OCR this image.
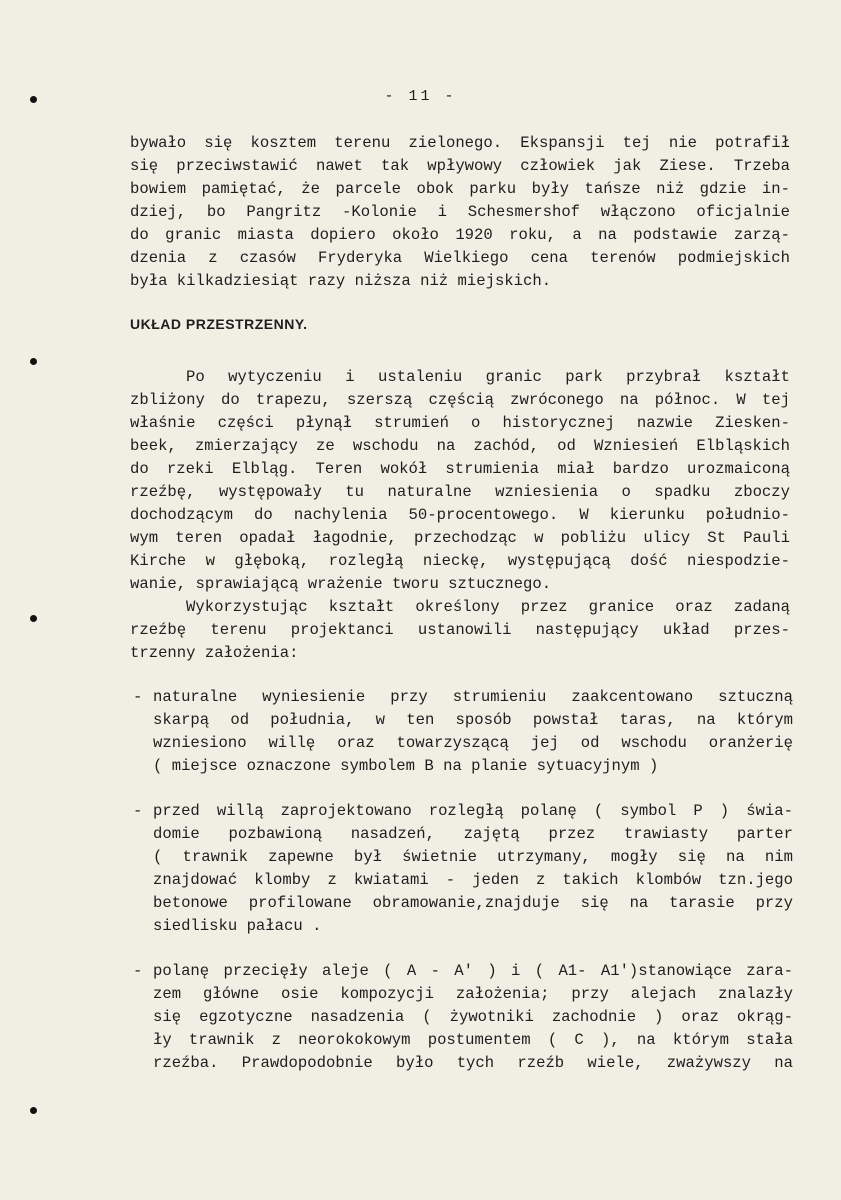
- 11 -
bywało się kosztem terenu zielonego. Ekspansji tej nie potrafił
się przeciwstawić nawet tak wpływowy człowiek jak Ziese. Trzeba
bowiem pamiętać, że parcele obok parku były tańsze niż gdzie in-
dziej, bo Pangritz -Kolonie i Schesmershof włączono oficjalnie
do granic miasta dopiero około 1920 roku, a na podstawie zarzą-
dzenia z czasów Fryderyka Wielkiego cena terenów podmiejskich
była kilkadziesiąt razy niższa niż miejskich.
UKŁAD PRZESTRZENNY.
Po wytyczeniu i ustaleniu granic park przybrał kształt
zbliżony do trapezu, szerszą częścią zwróconego na północ. W tej
właśnie części płynął strumień o historycznej nazwie Ziesken-
beek, zmierzający ze wschodu na zachód, od Wzniesień Elbląskich
do rzeki Elbląg. Teren wokół strumienia miał bardzo urozmaiconą
rzeźbę, występowały tu naturalne wzniesienia o spadku zboczy
dochodzącym do nachylenia 50-procentowego. W kierunku południo-
wym teren opadał łagodnie, przechodząc w pobliżu ulicy St Pauli
Kirche w głęboką, rozległą nieckę, występującą dość niespodzie-
wanie, sprawiającą wrażenie tworu sztucznego.
Wykorzystując kształt określony przez granice oraz zadaną
rzeźbę terenu projektanci ustanowili następujący układ przes-
trzenny założenia:
- naturalne wyniesienie przy strumieniu zaakcentowano sztuczną
skarpą od południa, w ten sposób powstał taras, na którym
wzniesiono willę oraz towarzyszącą jej od wschodu oranżerię
( miejsce oznaczone symbolem B na planie sytuacyjnym )
- przed willą zaprojektowano rozległą polanę ( symbol P ) świa-
domie pozbawioną nasadzeń, zajętą przez trawiasty parter
( trawnik zapewne był świetnie utrzymany, mogły się na nim
znajdować klomby z kwiatami - jeden z takich klombów tzn.jego
betonowe profilowane obramowanie,znajduje się na tarasie przy
siedlisku pałacu .
- polanę przecięły aleje ( A - A' ) i ( A1- A1')stanowiące zara-
zem główne osie kompozycji założenia; przy alejach znalazły
się egzotyczne nasadzenia ( żywotniki zachodnie ) oraz okrąg-
ły trawnik z neorokokowym postumentem ( C ), na którym stała
rzeźba. Prawdopodobnie było tych rzeźb wiele, zważywszy na
